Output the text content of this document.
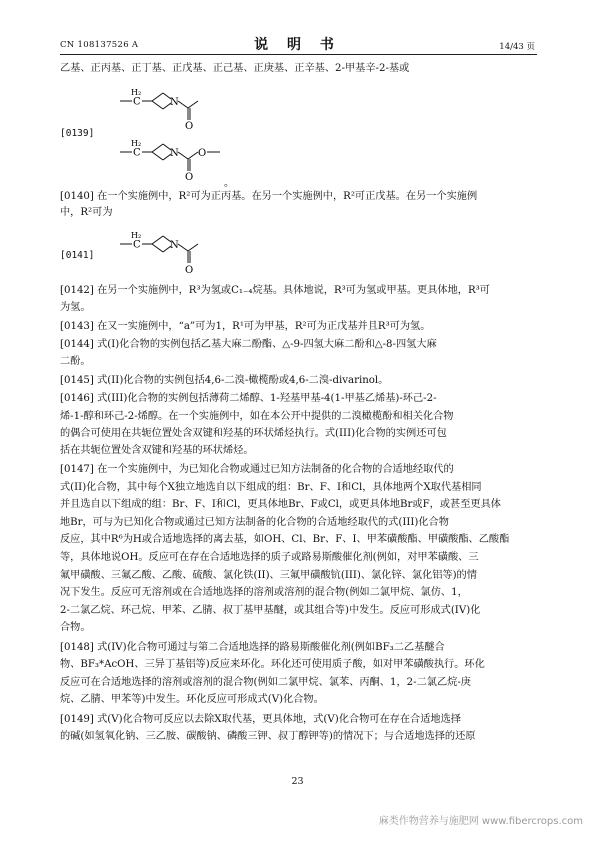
CN 108137526 A	说 明 书	14/43 页
乙基、正丙基、正丁基、正戊基、正己基、正庚基、正辛基、2-甲基辛-2-基或
H₂
C	N
O
[0139]
H₂
C	N O
O
。
[0140] 在一个实施例中，R²可为正丙基。在另一个实施例中，R²可正戊基。在另一个实施例
中，R²可为
H₂
C	N
O
[0141]
[0142] 在另一个实施例中，R³为氢或C₁₋₄烷基。具体地说，R³可为氢或甲基。更具体地，R³可
为氢。
[0143] 在又一实施例中，“a”可为1，R¹可为甲基，R²可为正戊基并且R³可为氢。
[0144] 式(I)化合物的实例包括乙基大麻二酚酯、△-9-四氢大麻二酚和△-8-四氢大麻
二酚。
[0145] 式(II)化合物的实例包括4,6-二溴-橄榄酚或4,6-二溴-divarinol。
[0146] 式(III)化合物的实例包括薄荷二烯醇、1-羟基甲基-4(1-甲基乙烯基)-环己-2-
烯-1-醇和环己-2-烯醇。在一个实施例中，如在本公开中提供的二溴橄榄酚和相关化合物
的偶合可使用在共轭位置处含双键和羟基的环状烯烃执行。式(III)化合物的实例还可包
括在共轭位置处含双键和羟基的环状烯烃。
[0147] 在一个实施例中，为已知化合物或通过已知方法制备的化合物的合适地经取代的
式(II)化合物，其中每个X独立地选自以下组成的组：Br、F、I和Cl，具体地两个X取代基相同
并且选自以下组成的组：Br、F、I和Cl，更具体地Br、F或Cl，或更具体地Br或F，或甚至更具体
地Br，可与为已知化合物或通过已知方法制备的化合物的合适地经取代的式(III)化合物
反应，其中R⁶为H或合适地选择的离去基，如OH、Cl、Br、F、I、甲苯磺酸酯、甲磺酸酯、乙酸酯
等，具体地说OH。反应可在存在合适地选择的质子或路易斯酸催化剂(例如，对甲苯磺酸、三
氟甲磺酸、三氟乙酸、乙酸、硫酸、氯化铁(II)、三氟甲磺酸钪(III)、氯化锌、氯化铝等)的情
况下发生。反应可无溶剂或在合适地选择的溶剂或溶剂的混合物(例如二氯甲烷、氯仿、1，
2-二氯乙烷、环己烷、甲苯、乙腈、叔丁基甲基醚，或其组合等)中发生。反应可形成式(IV)化
合物。
[0148] 式(IV)化合物可通过与第二合适地选择的路易斯酸催化剂(例如BF₃二乙基醚合
物、BF₃*AcOH、三异丁基铝等)反应来环化。环化还可使用质子酸，如对甲苯磺酸执行。环化
反应可在合适地选择的溶剂或溶剂的混合物(例如二氯甲烷、氯苯、丙酮、1，2-二氯乙烷-庚
烷、乙腈、甲苯等)中发生。环化反应可形成式(V)化合物。
[0149] 式(V)化合物可反应以去除X取代基，更具体地，式(V)化合物可在存在合适地选择
的碱(如氢氧化钠、三乙胺、碳酸钠、磷酸三钾、叔丁醇钾等)的情况下；与合适地选择的还原
23
麻类作物营养与施肥网 www.fibercrops.com
